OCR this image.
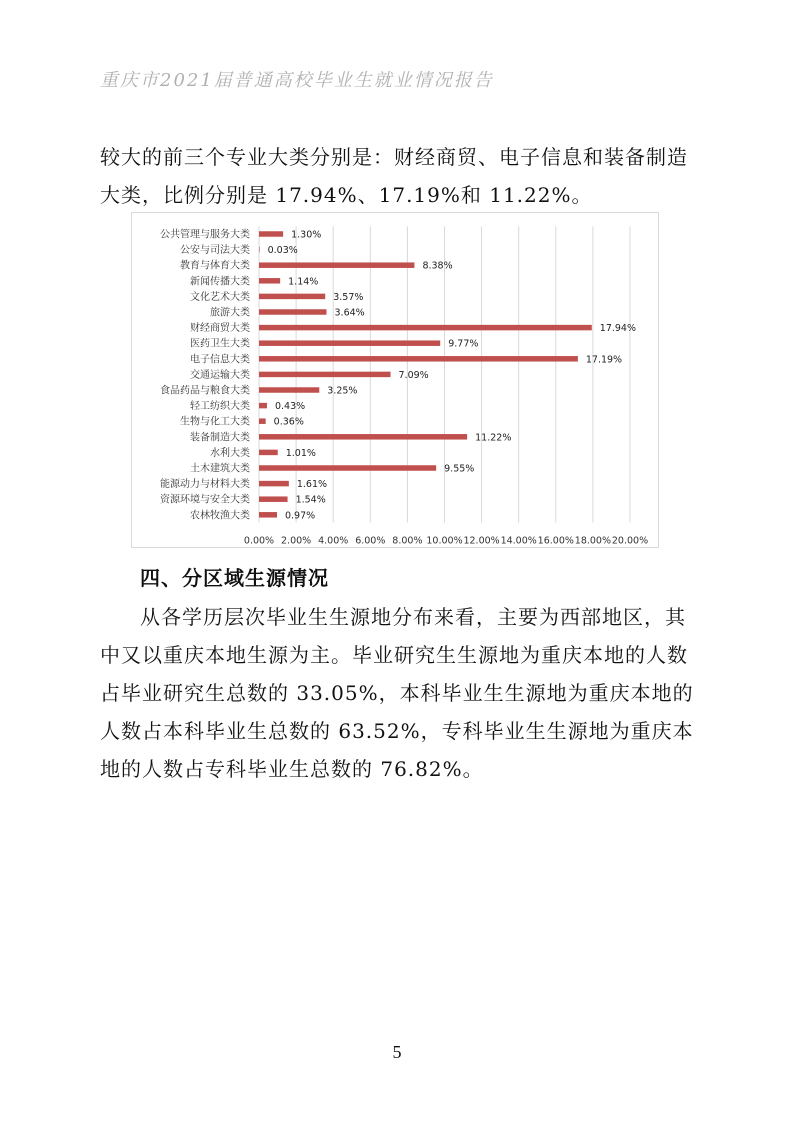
重庆市2021届普通高校毕业生就业情况报告

较大的前三个专业大类分别是：财经商贸、电子信息和装备制造大类，比例分别是 17.94%、17.19%和 11.22%。

公共管理与服务大类	1.30%
公安与司法大类 0.03%
教育与体育大类	8.38%
新闻传播大类	1.14%
文化艺术大类	3.57%
旅游大类	3.64%
财经商贸大类	17.94%
医药卫生大类	9.77%
电子信息大类	17.19%
交通运输大类	7.09%
食品药品与粮食大类	3.25%
轻工纺织大类	0.43%
生物与化工大类 0.36%
装备制造大类	11.22%
水利大类	1.01%
土木建筑大类	9.55%
能源动力与材料大类	1.61%
资源环境与安全大类	1.54%
农林牧渔大类	0.97%
0.00% 2.00% 4.00% 6.00% 8.00% 10.00% 12.00% 14.00% 16.00% 18.00% 20.00%
四、分区域生源情况

从各学历层次毕业生生源地分布来看，主要为西部地区，其中又以重庆本地生源为主。毕业研究生生源地为重庆本地的人数占毕业研究生总数的 33.05%，本科毕业生生源地为重庆本地的人数占本科毕业生总数的 63.52%，专科毕业生生源地为重庆本地的人数占专科毕业生总数的 76.82%。

5
